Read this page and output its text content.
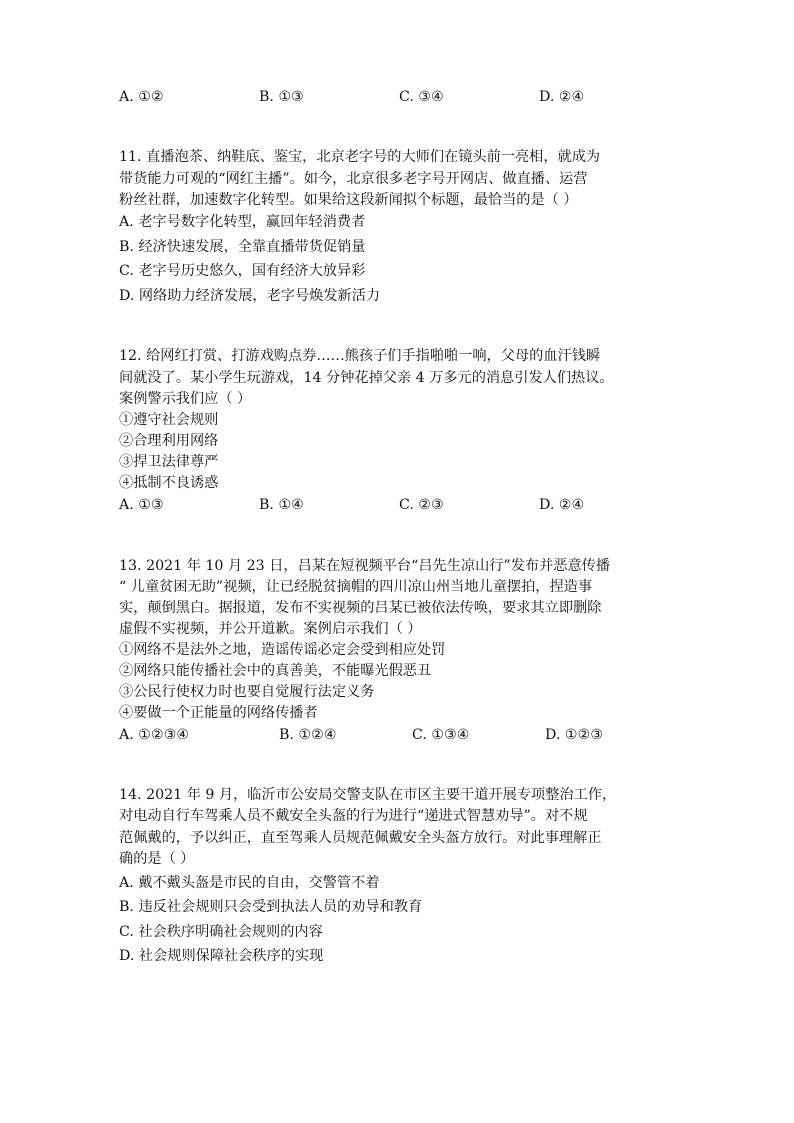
A. ①②	B. ①③	C. ③④	D. ②④
11. 直播泡茶、纳鞋底、鉴宝，北京老字号的大师们在镜头前一亮相，就成为
带货能力可观的“网红主播”。如今，北京很多老字号开网店、做直播、运营
粉丝社群，加速数字化转型。如果给这段新闻拟个标题，最恰当的是（ ）
A. 老字号数字化转型，赢回年轻消费者
B. 经济快速发展，全靠直播带货促销量
C. 老字号历史悠久，国有经济大放异彩
D. 网络助力经济发展，老字号焕发新活力
12. 给网红打赏、打游戏购点券……熊孩子们手指啪啪一响，父母的血汗钱瞬
间就没了。某小学生玩游戏，14 分钟花掉父亲 4 万多元的消息引发人们热议。
案例警示我们应（ ）
①遵守社会规则
②合理利用网络
③捍卫法律尊严
④抵制不良诱惑
A. ①③	B. ①④	C. ②③	D. ②④
13. 2021 年 10 月 23 日，吕某在短视频平台“吕先生凉山行”发布并恶意传播
“ 儿童贫困无助”视频，让已经脱贫摘帽的四川凉山州当地儿童摆拍，捏造事
实，颠倒黑白。据报道，发布不实视频的吕某已被依法传唤，要求其立即删除
虚假不实视频，并公开道歉。案例启示我们（ ）
①网络不是法外之地，造谣传谣必定会受到相应处罚
②网络只能传播社会中的真善美，不能曝光假恶丑
③公民行使权力时也要自觉履行法定义务
④要做一个正能量的网络传播者
A. ①②③④	B. ①②④	C. ①③④	D. ①②③
14. 2021 年 9 月，临沂市公安局交警支队在市区主要干道开展专项整治工作，
对电动自行车驾乘人员不戴安全头盔的行为进行“递进式智慧劝导”。对不规
范佩戴的，予以纠正，直至驾乘人员规范佩戴安全头盔方放行。对此事理解正
确的是（ ）
A. 戴不戴头盔是市民的自由，交警管不着
B. 违反社会规则只会受到执法人员的劝导和教育
C. 社会秩序明确社会规则的内容
D. 社会规则保障社会秩序的实现
